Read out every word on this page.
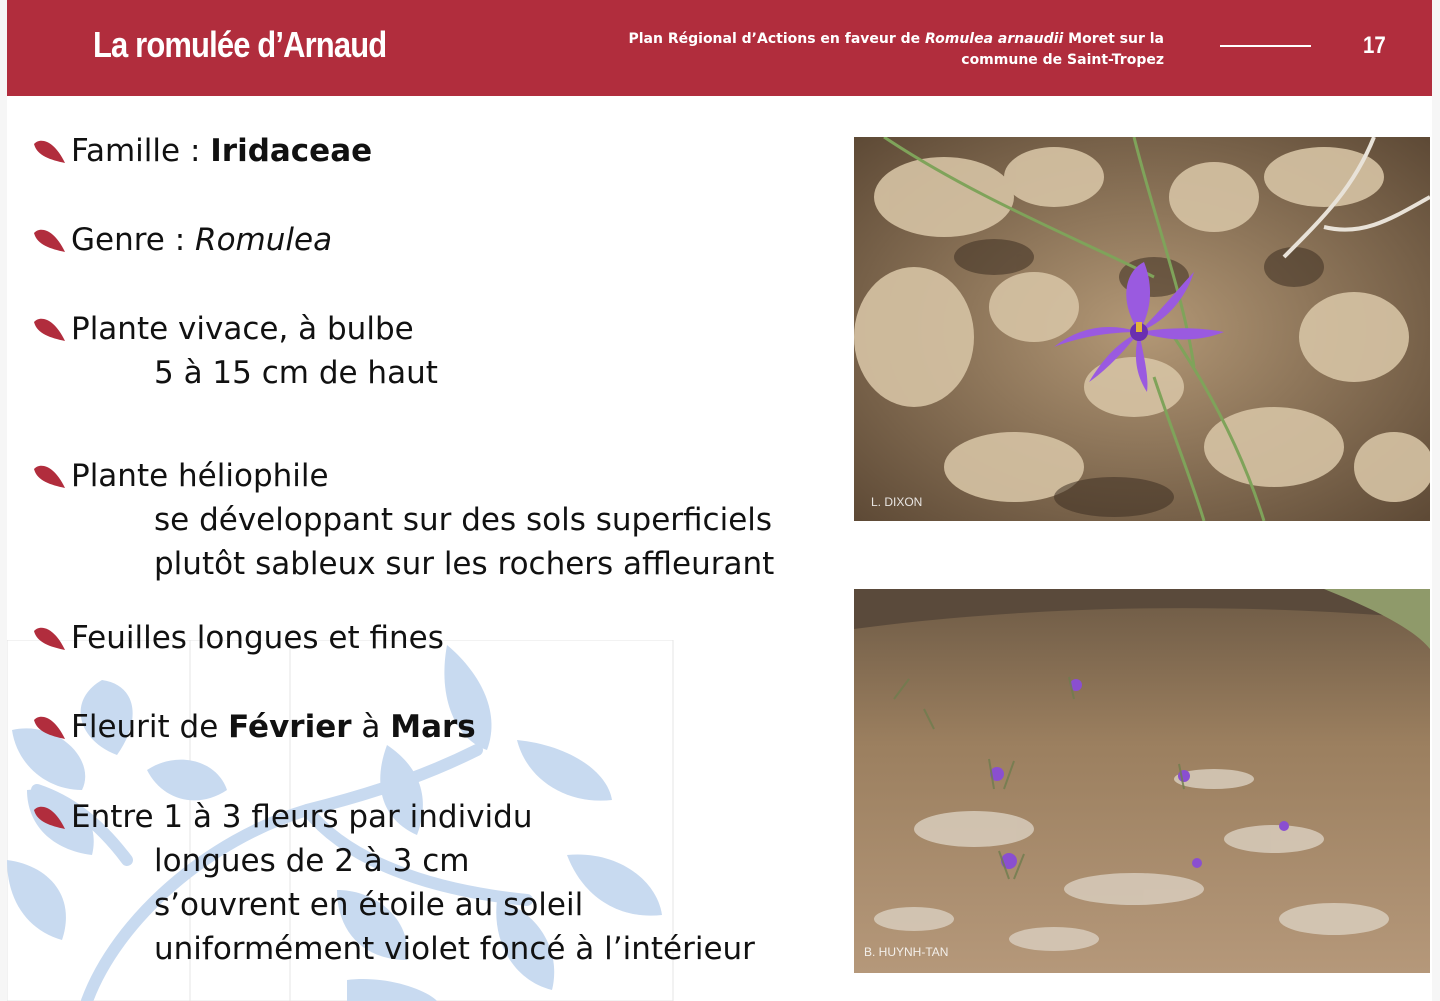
La romulée d’Arnaud	Plan Régional d’Actions en faveur de Romulea arnaudii Moret sur la commune de Saint-Tropez
17
Famille : Iridaceae
Genre : Romulea
Plante vivace, à bulbe
5 à 15 cm de haut
Plante héliophile
se développant sur des sols superficiels
plutôt sableux sur les rochers affleurant
Feuilles longues et fines
Fleurit de Février à Mars
Entre 1 à 3 fleurs par individu
longues de 2 à 3 cm
s’ouvrent en étoile au soleil
uniformément violet foncé à l’intérieur
L. DIXON
B. HUYNH-TAN
